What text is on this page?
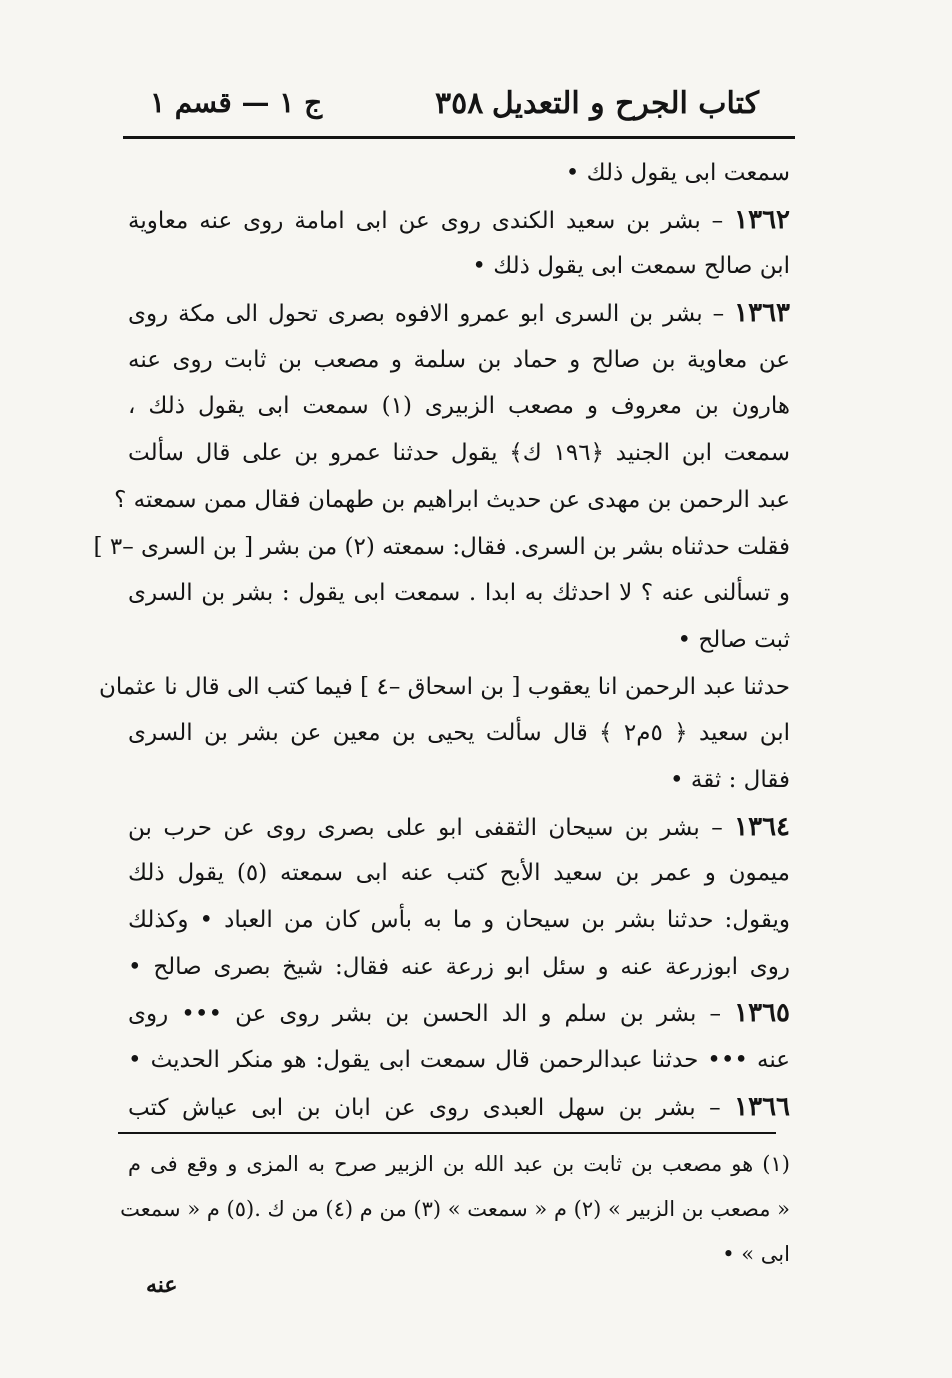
كتاب الجرح و التعديل
٣٥٨
ج ١ — قسم ١
سمعت ابى يقول ذلك •
١٣٦٢ – بشر بن سعيد الكندى روى عن ابى امامة روى عنه معاوية
ابن صالح سمعت ابى يقول ذلك •
١٣٦٣ – بشر بن السرى ابو عمرو الافوه بصرى تحول الى مكة روى
عن معاوية بن صالح و حماد بن سلمة و مصعب بن ثابت روى عنه
هارون بن معروف و مصعب الزبيرى (١) سمعت ابى يقول ذلك ،
سمعت ابن الجنيد ﴿١٩٦ ك﴾ يقول حدثنا عمرو بن على قال سألت
عبد الرحمن بن مهدى عن حديث ابراهيم بن طهمان فقال ممن سمعته ؟
فقلت حدثناه بشر بن السرى. فقال: سمعته (٢) من بشر [ بن السرى –٣ ]
و تسألنى عنه ؟ لا احدثك به ابدا . سمعت ابى يقول : بشر بن السرى
ثبت صالح •
حدثنا عبد الرحمن انا يعقوب [ بن اسحاق –٤ ] فيما كتب الى قال نا عثمان
ابن سعيد ﴿ ٥م٢ ﴾ قال سألت يحيى بن معين عن بشر بن السرى
فقال : ثقة •
١٣٦٤ – بشر بن سيحان الثقفى ابو على بصرى روى عن حرب بن
ميمون و عمر بن سعيد الأبح كتب عنه ابى سمعته (٥) يقول ذلك
ويقول: حدثنا بشر بن سيحان و ما به بأس كان من العباد • وكذلك
روى ابوزرعة عنه و سئل ابو زرعة عنه فقال: شيخ بصرى صالح •
١٣٦٥ – بشر بن سلم و الد الحسن بن بشر روى عن ••• روى
عنه ••• حدثنا عبدالرحمن قال سمعت ابى يقول: هو منكر الحديث •
١٣٦٦ – بشر بن سهل العبدى روى عن ابان بن ابى عياش كتب
(١) هو مصعب بن ثابت بن عبد الله بن الزبير صرح به المزى و وقع فى م
« مصعب بن الزبير » (٢) م « سمعت » (٣) من م (٤) من ك .(٥) م « سمعت
ابى » •
عنه
